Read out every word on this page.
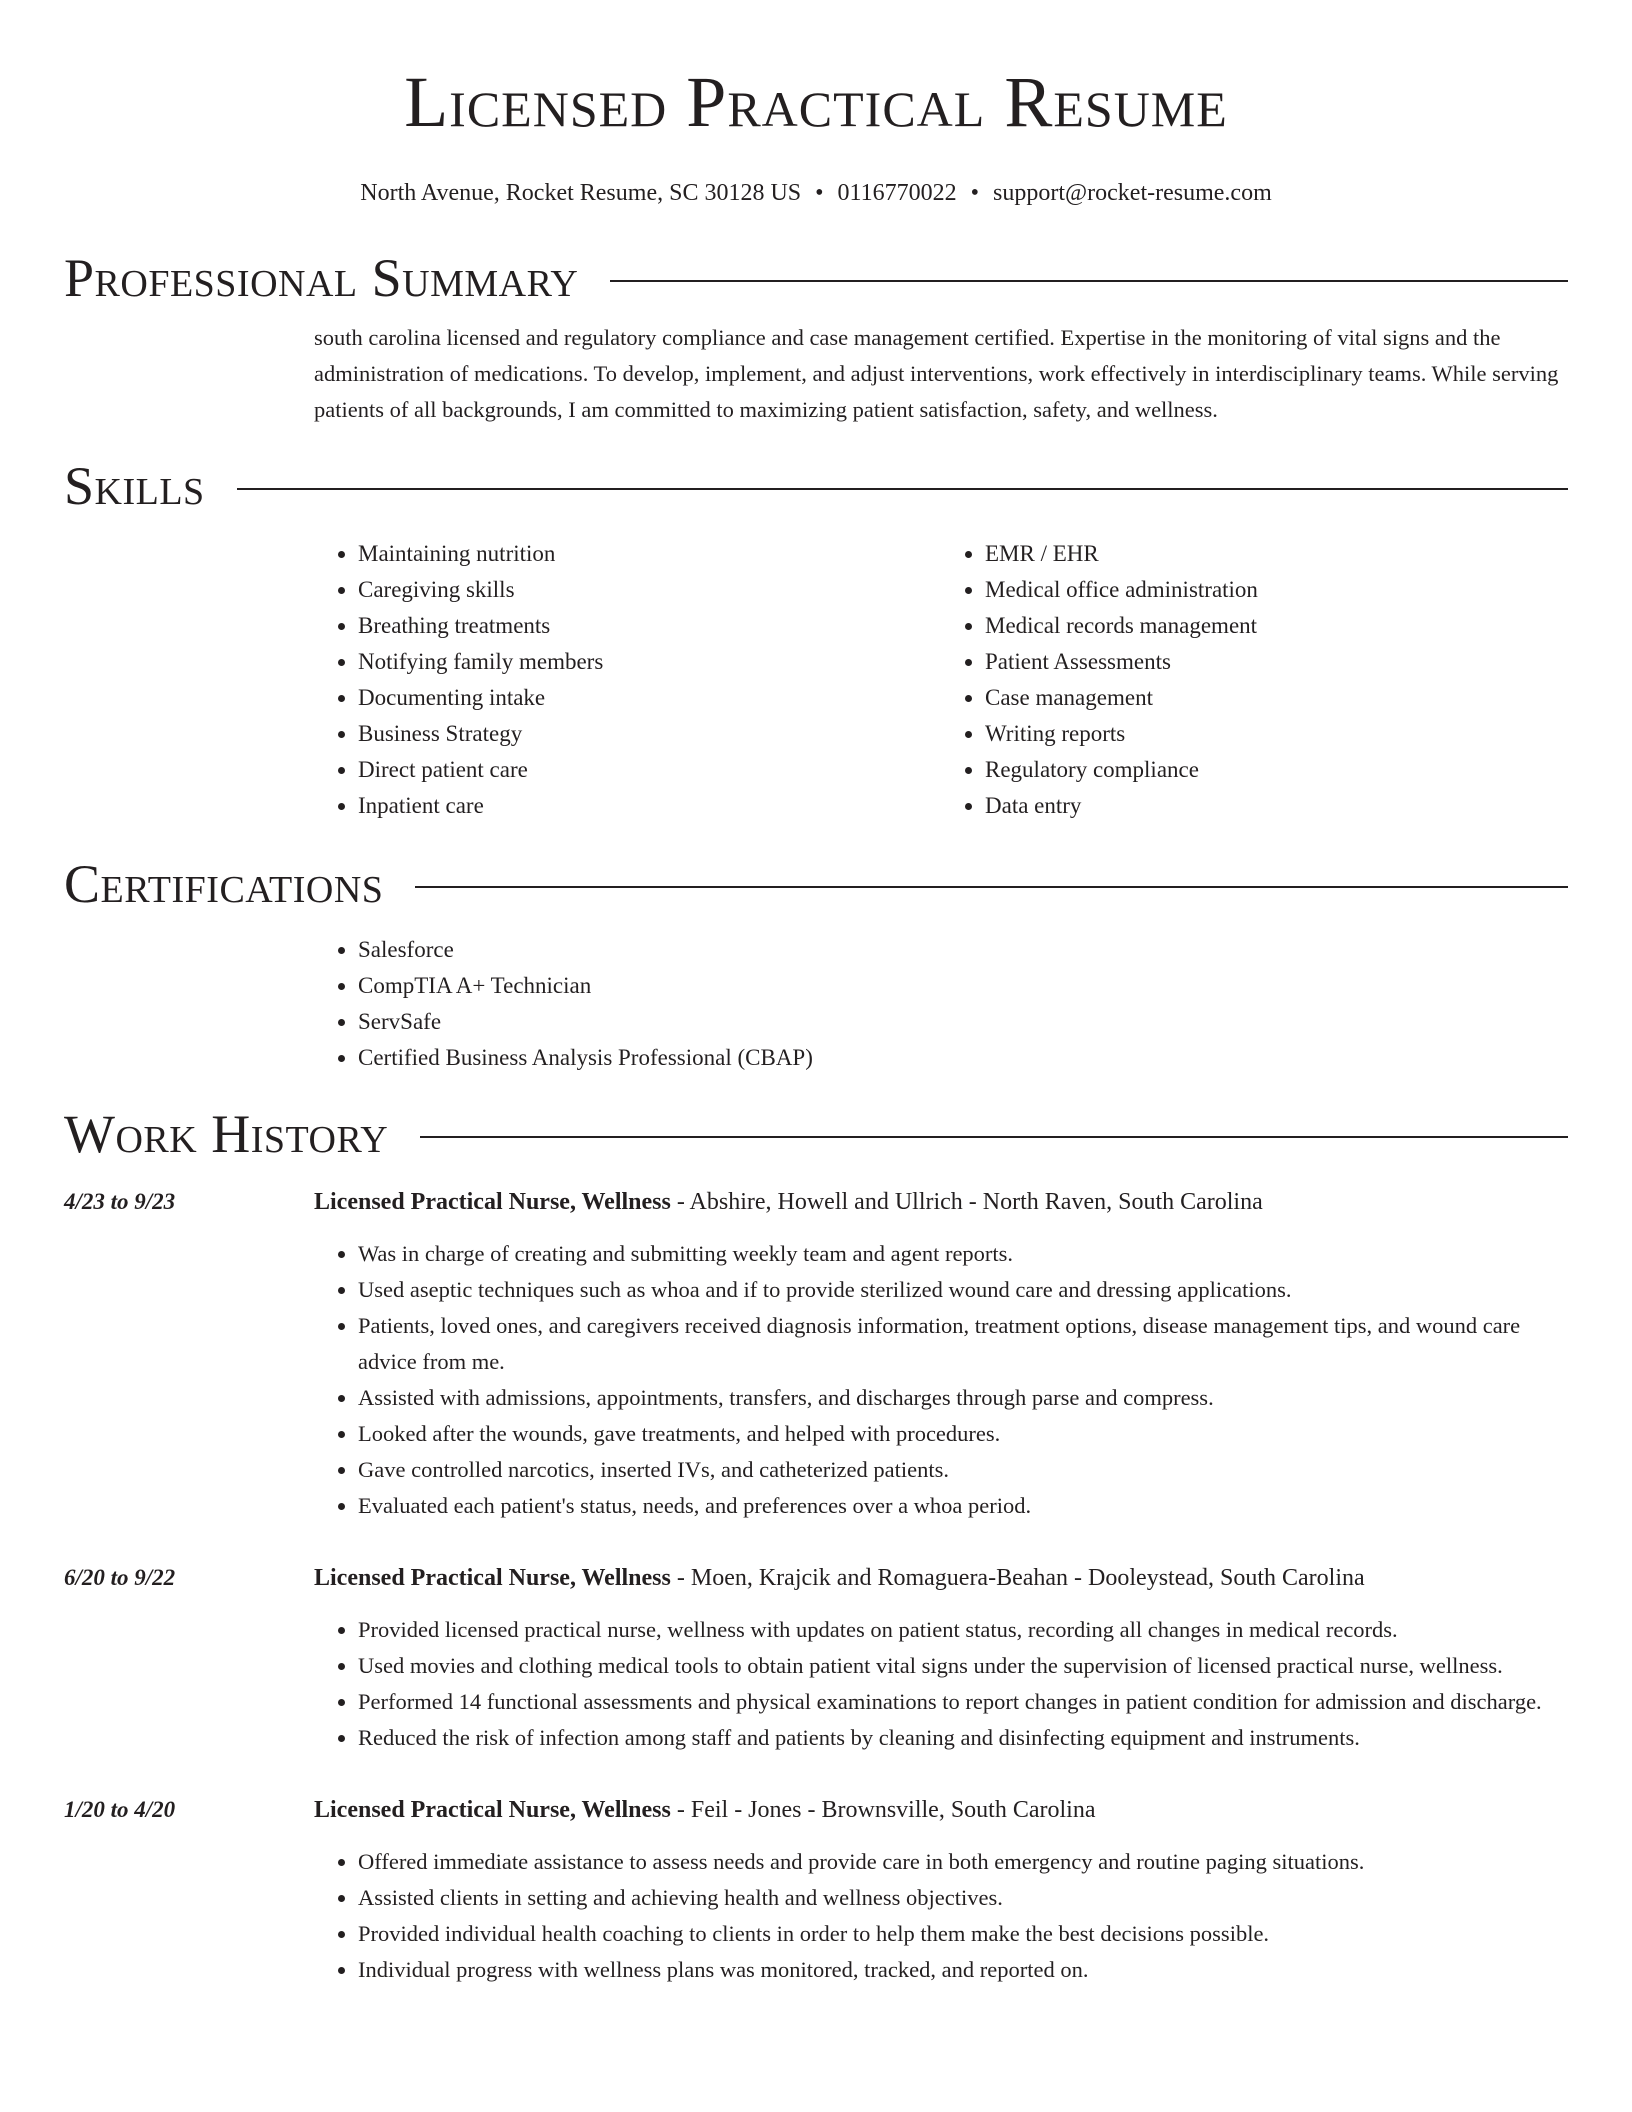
Licensed Practical Resume
North Avenue, Rocket Resume, SC 30128 US • 0116770022 • support@rocket-resume.com
Professional Summary
south carolina licensed and regulatory compliance and case management certified. Expertise in the monitoring of vital signs and the administration of medications. To develop, implement, and adjust interventions, work effectively in interdisciplinary teams. While serving patients of all backgrounds, I am committed to maximizing patient satisfaction, safety, and wellness.
Skills
• Maintaining nutrition
• Caregiving skills
• Breathing treatments
• Notifying family members
• Documenting intake
• Business Strategy
• Direct patient care
• Inpatient care
• EMR / EHR
• Medical office administration
• Medical records management
• Patient Assessments
• Case management
• Writing reports
• Regulatory compliance
• Data entry
Certifications
• Salesforce
• CompTIA A+ Technician
• ServSafe
• Certified Business Analysis Professional (CBAP)
Work History
4/23 to 9/23	Licensed Practical Nurse, Wellness - Abshire, Howell and Ullrich - North Raven, South Carolina
• Was in charge of creating and submitting weekly team and agent reports.
• Used aseptic techniques such as whoa and if to provide sterilized wound care and dressing applications.
• Patients, loved ones, and caregivers received diagnosis information, treatment options, disease management tips, and wound care advice from me.
• Assisted with admissions, appointments, transfers, and discharges through parse and compress.
• Looked after the wounds, gave treatments, and helped with procedures.
• Gave controlled narcotics, inserted IVs, and catheterized patients.
• Evaluated each patient's status, needs, and preferences over a whoa period.
6/20 to 9/22	Licensed Practical Nurse, Wellness - Moen, Krajcik and Romaguera-Beahan - Dooleystead, South Carolina
• Provided licensed practical nurse, wellness with updates on patient status, recording all changes in medical records.
• Used movies and clothing medical tools to obtain patient vital signs under the supervision of licensed practical nurse, wellness.
• Performed 14 functional assessments and physical examinations to report changes in patient condition for admission and discharge.
• Reduced the risk of infection among staff and patients by cleaning and disinfecting equipment and instruments.
1/20 to 4/20	Licensed Practical Nurse, Wellness - Feil - Jones - Brownsville, South Carolina
• Offered immediate assistance to assess needs and provide care in both emergency and routine paging situations.
• Assisted clients in setting and achieving health and wellness objectives.
• Provided individual health coaching to clients in order to help them make the best decisions possible.
• Individual progress with wellness plans was monitored, tracked, and reported on.
